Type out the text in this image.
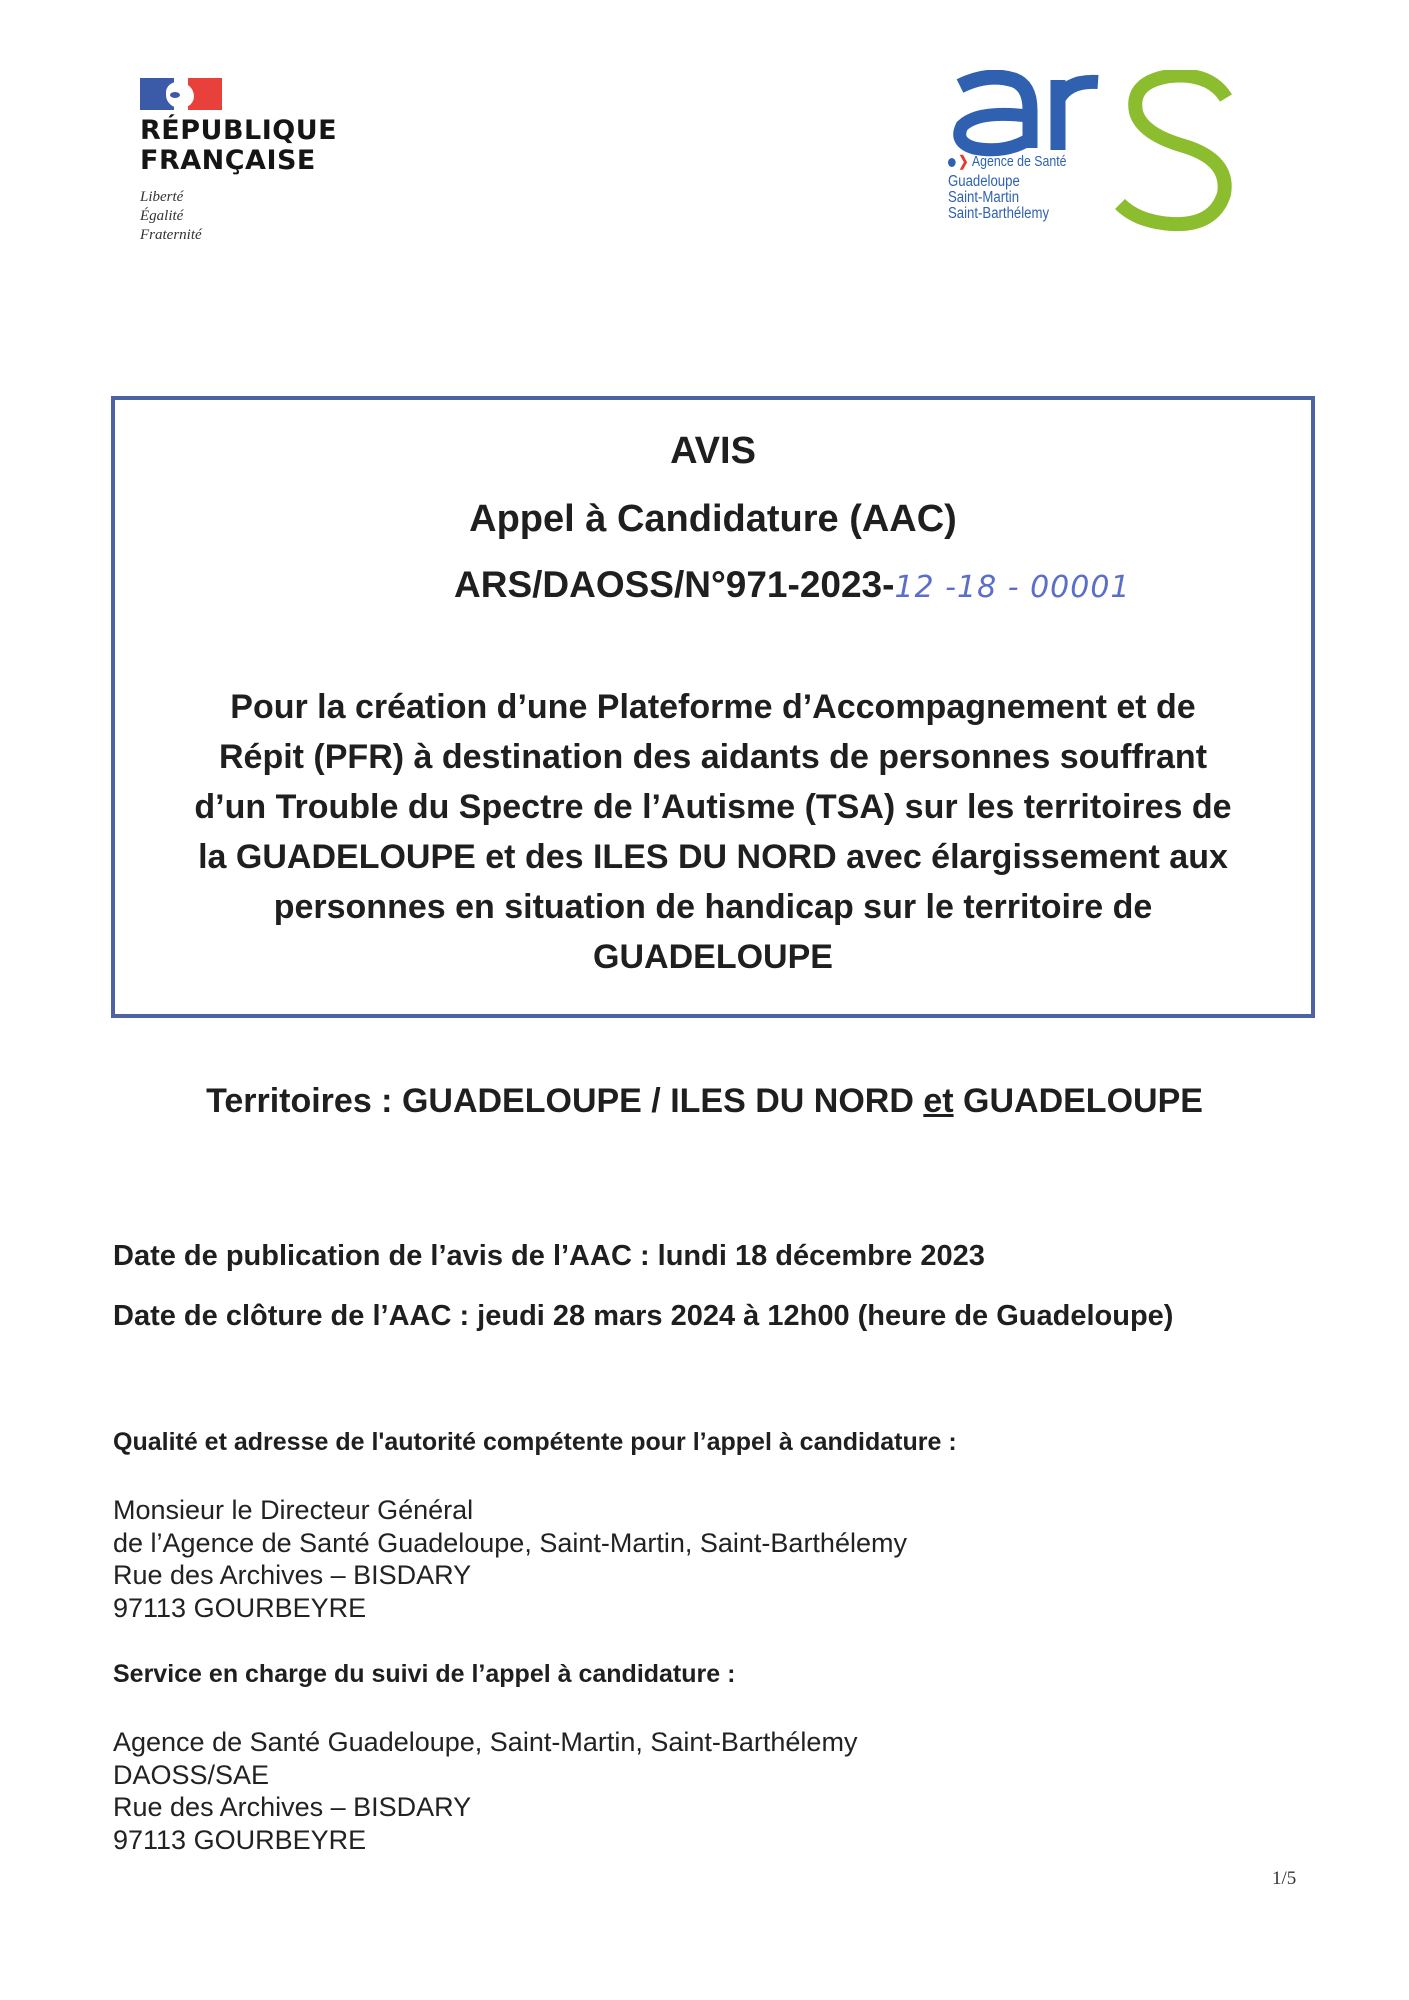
RÉPUBLIQUE
FRANÇAISE
Liberté
Égalité
Fraternité
❯ Agence de Santé
Guadeloupe
Saint-Martin
Saint-Barthélemy
AVIS
Appel à Candidature (AAC)
ARS/DAOSS/N°971-2023-12 -18 - 00001
Pour la création d’une Plateforme d’Accompagnement et de
Répit (PFR) à destination des aidants de personnes souffrant
d’un Trouble du Spectre de l’Autisme (TSA) sur les territoires de
la GUADELOUPE et des ILES DU NORD avec élargissement aux
personnes en situation de handicap sur le territoire de
GUADELOUPE
Territoires : GUADELOUPE / ILES DU NORD et GUADELOUPE
Date de publication de l’avis de l’AAC : lundi 18 décembre 2023
Date de clôture de l’AAC : jeudi 28 mars 2024 à 12h00 (heure de Guadeloupe)
Qualité et adresse de l'autorité compétente pour l’appel à candidature :
Monsieur le Directeur Général
de l’Agence de Santé Guadeloupe, Saint-Martin, Saint-Barthélemy
Rue des Archives – BISDARY
97113 GOURBEYRE
Service en charge du suivi de l’appel à candidature :
Agence de Santé Guadeloupe, Saint-Martin, Saint-Barthélemy
DAOSS/SAE
Rue des Archives – BISDARY
97113 GOURBEYRE
1/5
